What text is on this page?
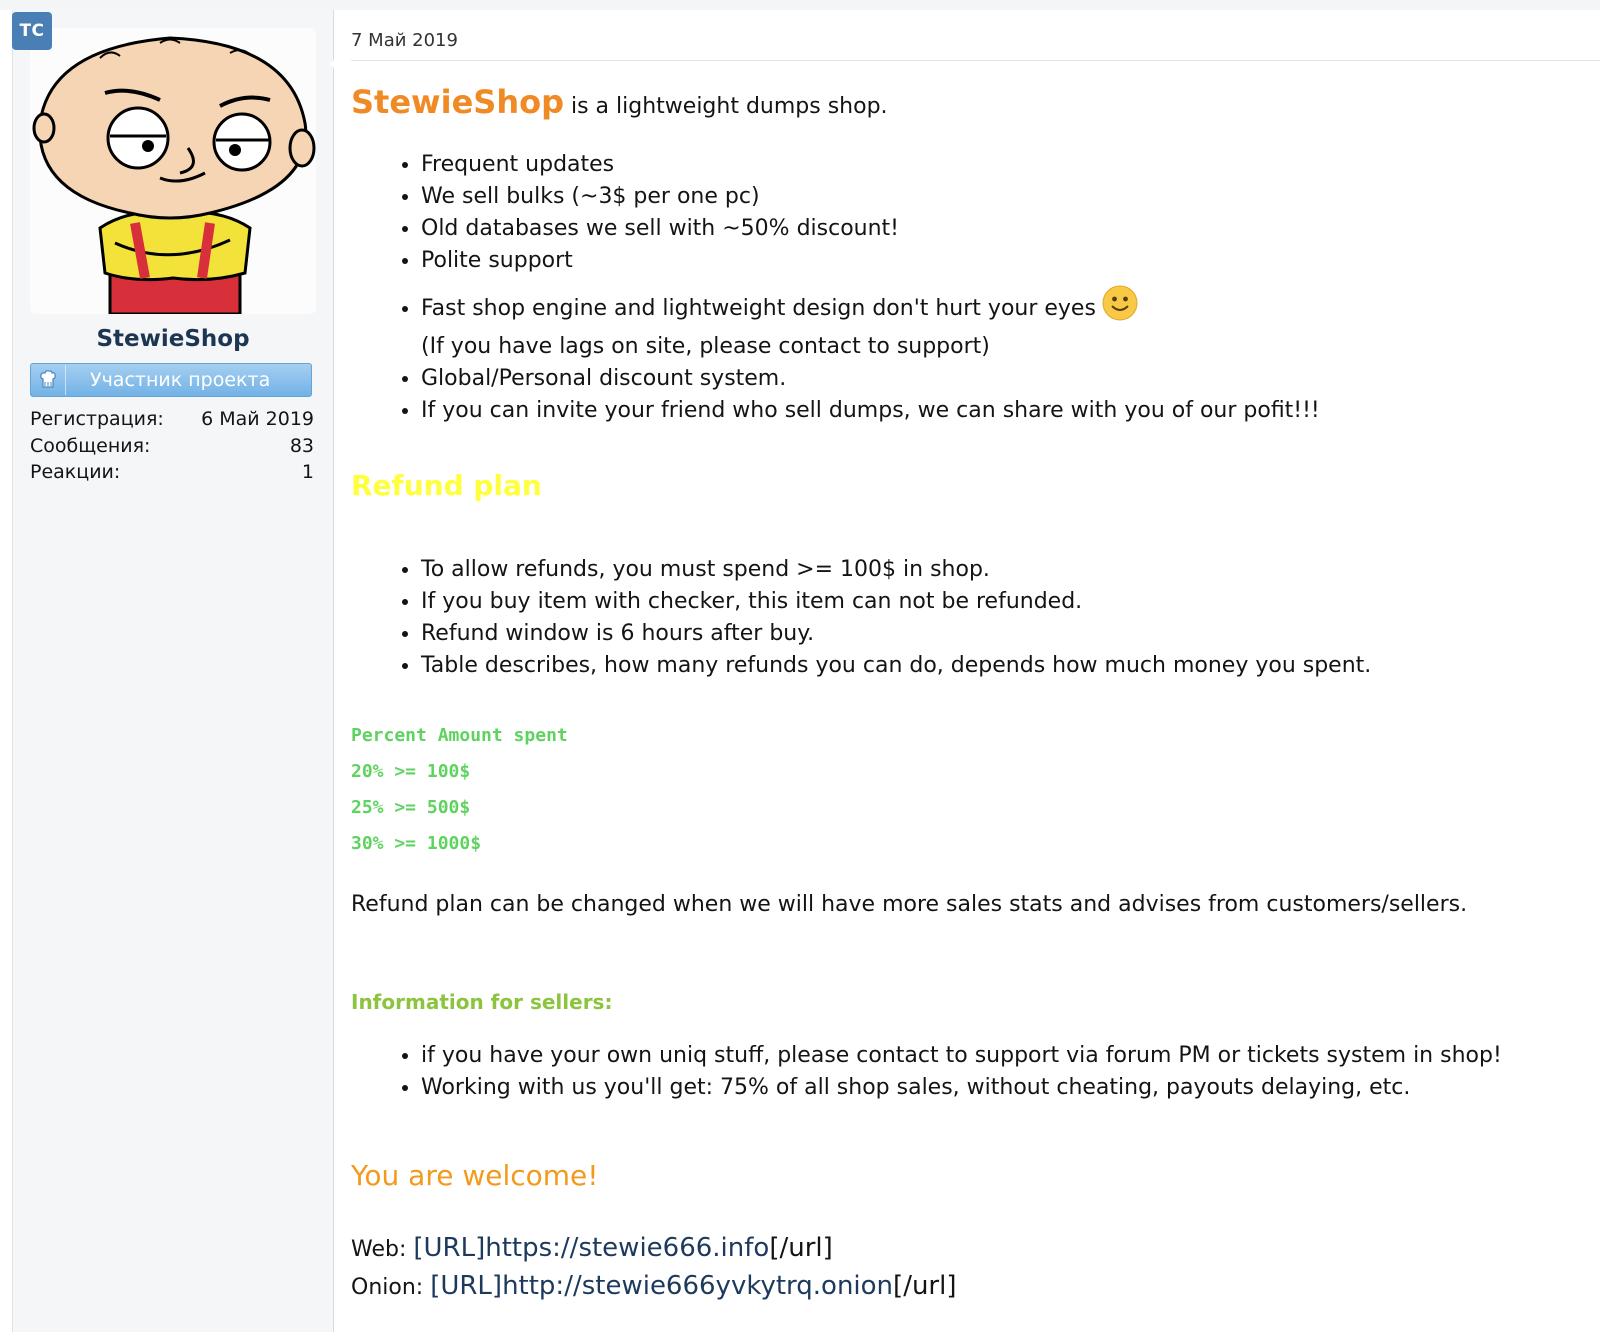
ТС
StewieShop
Участник проекта
Регистрация: 6 Май 2019
Сообщения:	83
Реакции:	1
7 Май 2019
StewieShop is a lightweight dumps shop.
• Frequent updates
• We sell bulks (~3$ per one pc)
• Old databases we sell with ~50% discount!
• Polite support
• Fast shop engine and lightweight design don't hurt your eyes
(If you have lags on site, please contact to support)
• Global/Personal discount system.
• If you can invite your friend who sell dumps, we can share with you of our pofit!!!
Refund plan
• To allow refunds, you must spend >= 100$ in shop.
• If you buy item with checker, this item can not be refunded.
• Refund window is 6 hours after buy.
• Table describes, how many refunds you can do, depends how much money you spent.
Percent Amount spent
20% >= 100$
25% >= 500$
30% >= 1000$
Refund plan can be changed when we will have more sales stats and advises from customers/sellers.
Information for sellers:
• if you have your own uniq stuff, please contact to support via forum PM or tickets system in shop!
• Working with us you'll get: 75% of all shop sales, without cheating, payouts delaying, etc.
You are welcome!
Web: [URL]https://stewie666.info[/url]
Onion: [URL]http://stewie666yvkytrq.onion[/url]
